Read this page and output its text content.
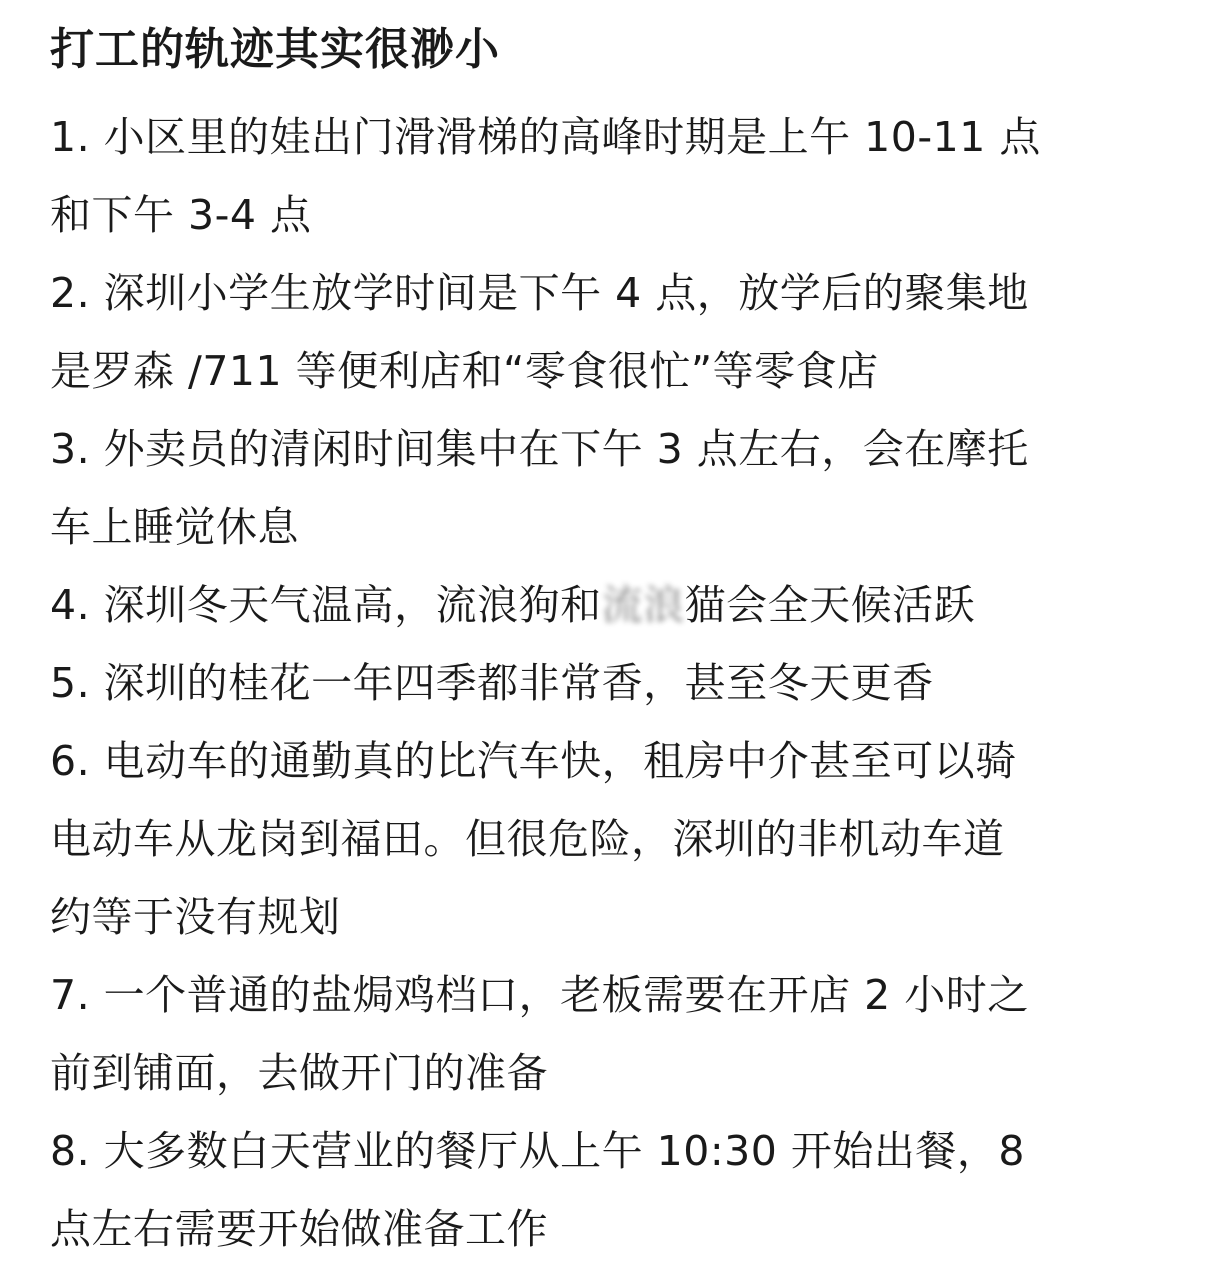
打工的轨迹其实很渺小
1. 小区里的娃出门滑滑梯的高峰时期是上午 10-11 点
和下午 3-4 点
2. 深圳小学生放学时间是下午 4 点，放学后的聚集地
是罗森 /711 等便利店和“零食很忙”等零食店
3. 外卖员的清闲时间集中在下午 3 点左右，会在摩托
车上睡觉休息
4. 深圳冬天气温高，流浪狗和流浪猫会全天候活跃
5. 深圳的桂花一年四季都非常香，甚至冬天更香
6. 电动车的通勤真的比汽车快，租房中介甚至可以骑
电动车从龙岗到福田。但很危险，深圳的非机动车道
约等于没有规划
7. 一个普通的盐焗鸡档口，老板需要在开店 2 小时之
前到铺面，去做开门的准备
8. 大多数白天营业的餐厅从上午 10:30 开始出餐，8
点左右需要开始做准备工作
